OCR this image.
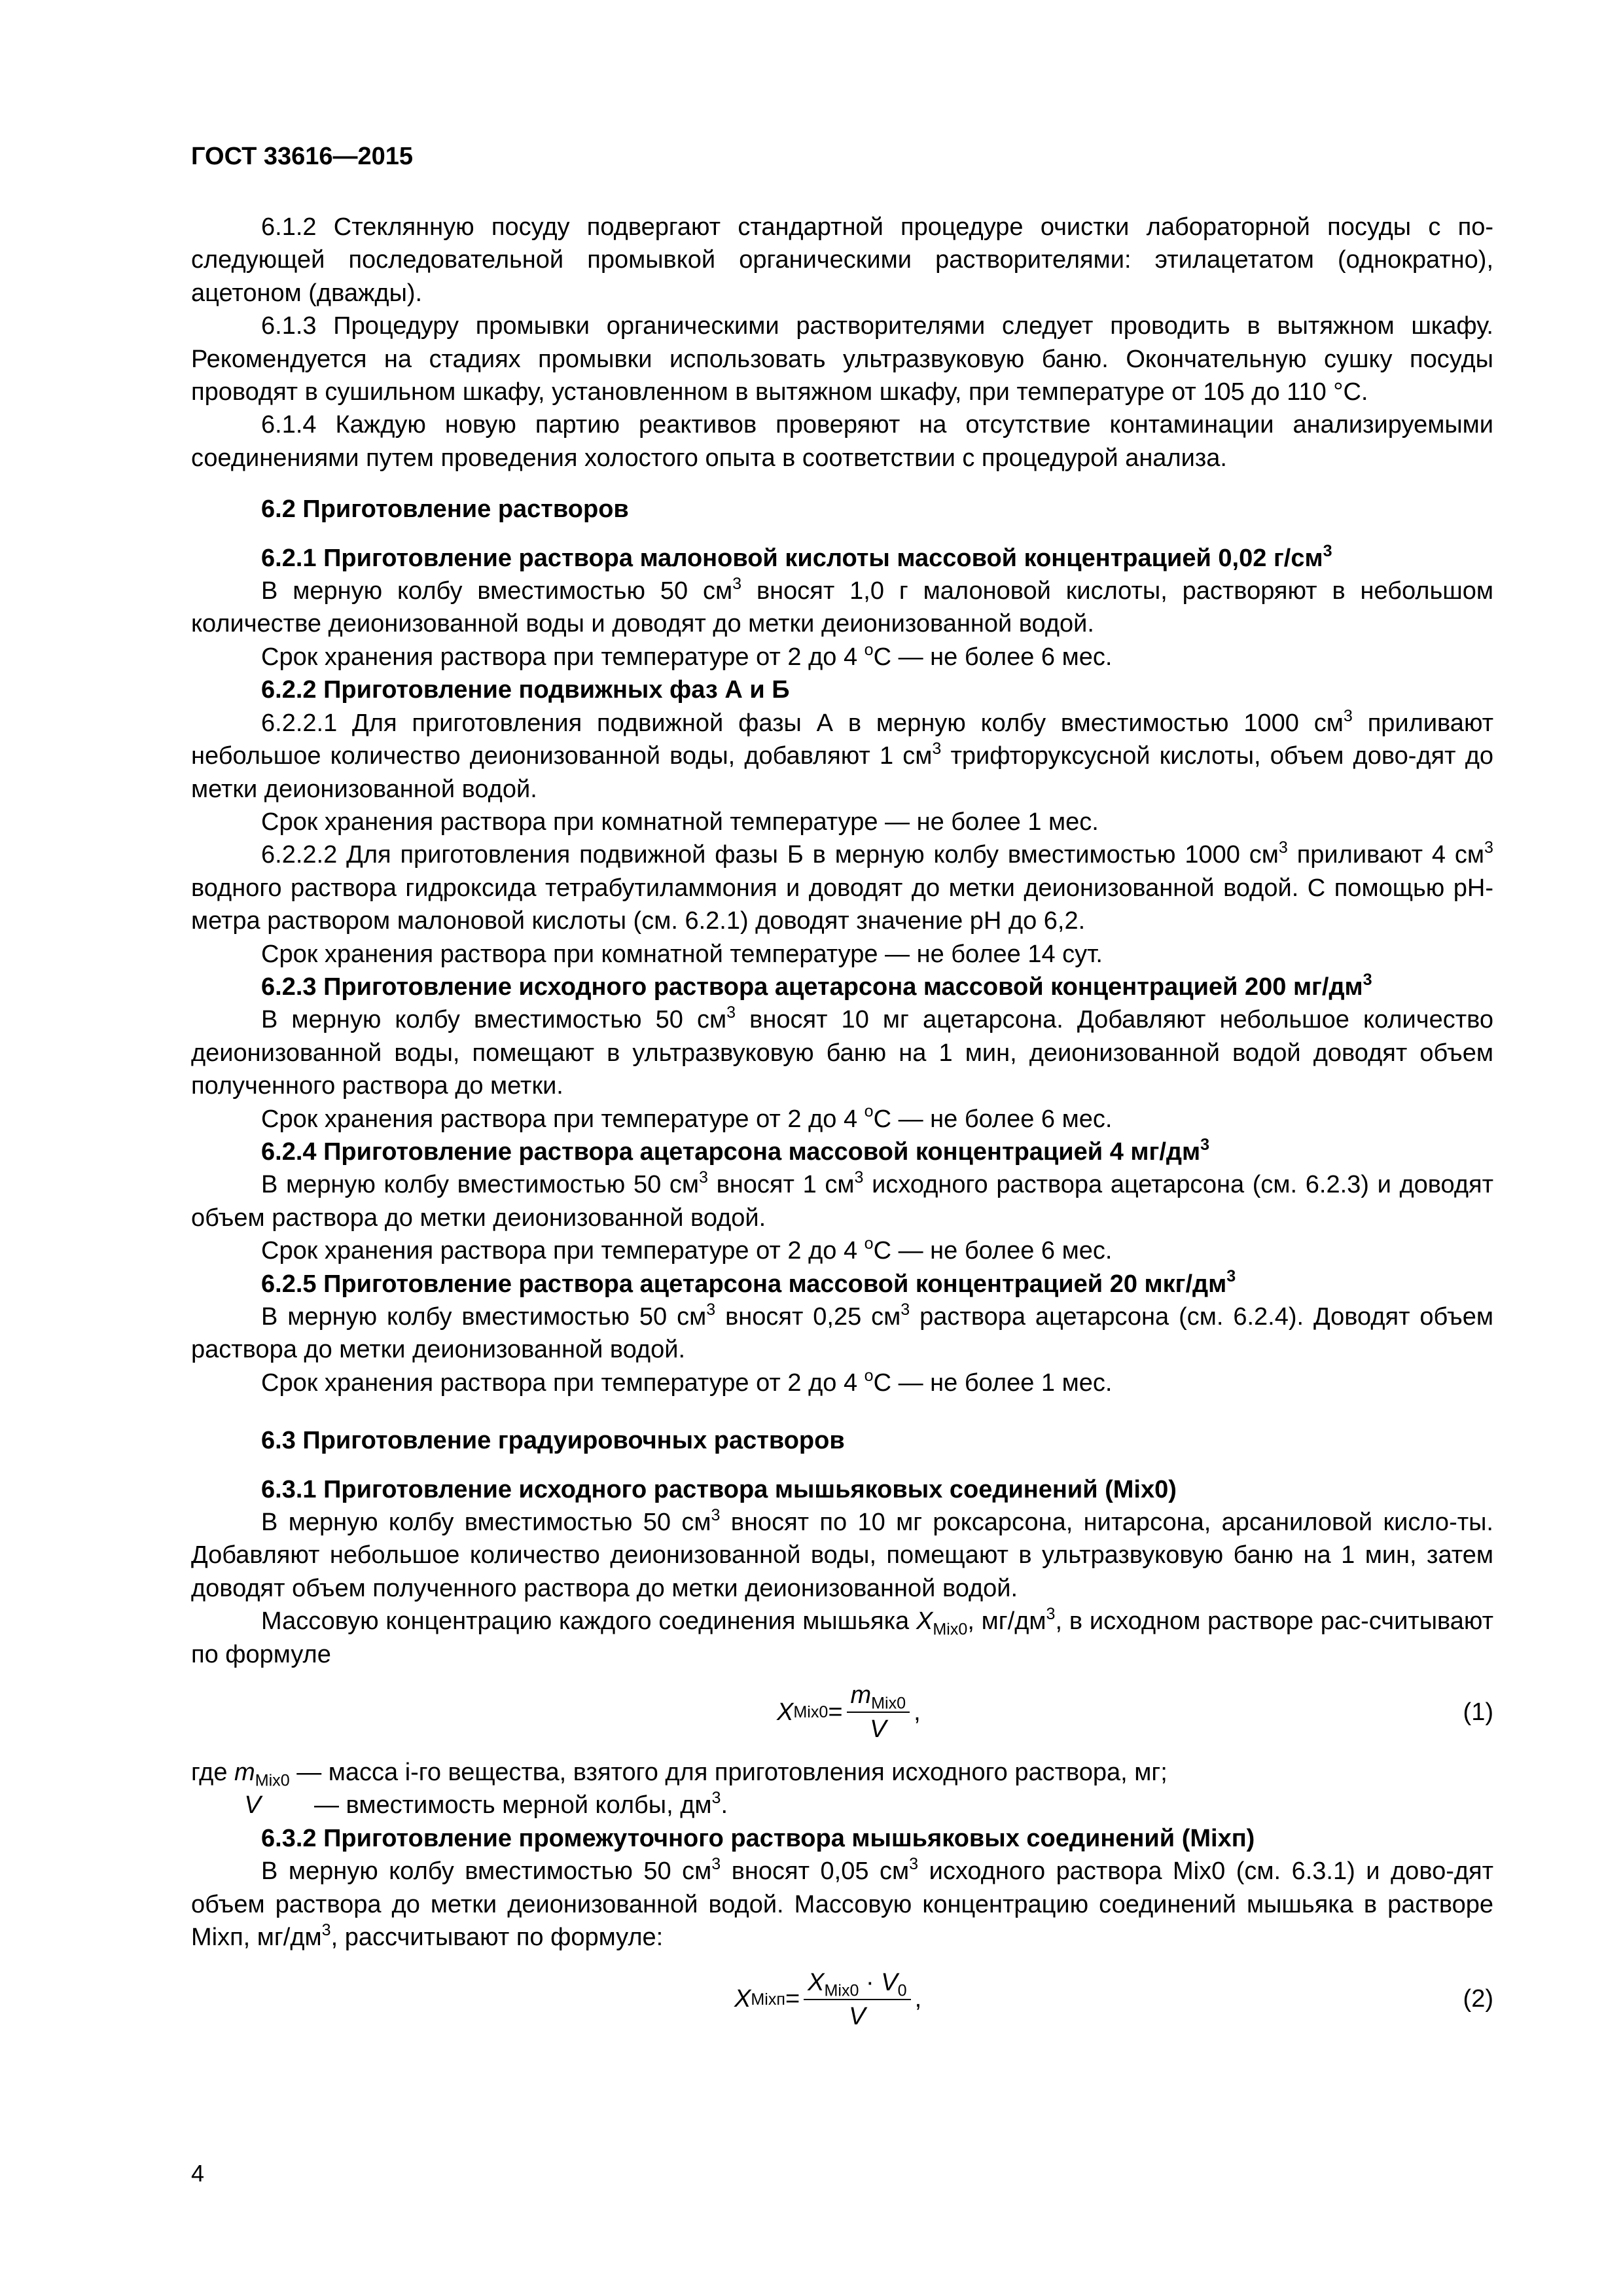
ГОСТ 33616—2015

6.1.2 Стеклянную посуду подвергают стандартной процедуре очистки лабораторной посуды с по-следующей последовательной промывкой органическими растворителями: этилацетатом (однократно), ацетоном (дважды).

6.1.3 Процедуру промывки органическими растворителями следует проводить в вытяжном шкафу. Рекомендуется на стадиях промывки использовать ультразвуковую баню. Окончательную сушку посуды проводят в сушильном шкафу, установленном в вытяжном шкафу, при температуре от 105 до 110 °С.

6.1.4 Каждую новую партию реактивов проверяют на отсутствие контаминации анализируемыми соединениями путем проведения холостого опыта в соответствии с процедурой анализа.

6.2 Приготовление растворов

6.2.1 Приготовление раствора малоновой кислоты массовой концентрацией 0,02 $г/см^3$

В мерную колбу вместимостью 50 $см^3$ вносят 1,0 г малоновой кислоты, растворяют в небольшом количестве деионизованной воды и доводят до метки деионизованной водой.

Срок хранения раствора при температуре от 2 до 4 $^о$С — не более 6 мес.

6.2.2 Приготовление подвижных фаз А и Б

6.2.2.1 Для приготовления подвижной фазы А в мерную колбу вместимостью 1000 $см^3$ приливают небольшое количество деионизованной воды, добавляют 1 $см^3$ трифторуксусной кислоты, объем дово-дят до метки деионизованной водой.

Срок хранения раствора при комнатной температуре — не более 1 мес.

6.2.2.2 Для приготовления подвижной фазы Б в мерную колбу вместимостью 1000 $см^3$ приливают 4 $см^3$ водного раствора гидроксида тетрабутиламмония и доводят до метки деионизованной водой. С помощью рН-метра раствором малоновой кислоты (см. 6.2.1) доводят значение рН до 6,2.

Срок хранения раствора при комнатной температуре — не более 14 сут.

6.2.3 Приготовление исходного раствора ацетарсона массовой концентрацией 200 $мг/дм^3$

В мерную колбу вместимостью 50 $см^3$ вносят 10 мг ацетарсона. Добавляют небольшое количество деионизованной воды, помещают в ультразвуковую баню на 1 мин, деионизованной водой доводят объем полученного раствора до метки.

Срок хранения раствора при температуре от 2 до 4 $^о$С — не более 6 мес.

6.2.4 Приготовление раствора ацетарсона массовой концентрацией 4 $мг/дм^3$

В мерную колбу вместимостью 50 $см^3$ вносят 1 $см^3$ исходного раствора ацетарсона (см. 6.2.3) и доводят объем раствора до метки деионизованной водой.

Срок хранения раствора при температуре от 2 до 4 $^о$С — не более 6 мес.

6.2.5 Приготовление раствора ацетарсона массовой концентрацией 20 мкг/$дм^3$

В мерную колбу вместимостью 50 $см^3$ вносят 0,25 $см^3$ раствора ацетарсона (см. 6.2.4). Доводят объем раствора до метки деионизованной водой.

Срок хранения раствора при температуре от 2 до 4 $^о$С — не более 1 мес.

6.3 Приготовление градуировочных растворов

6.3.1 Приготовление исходного раствора мышьяковых соединений (Mix0)

В мерную колбу вместимостью 50 $см^3$ вносят по 10 мг роксарсона, нитарсона, арсаниловой кисло-ты. Добавляют небольшое количество деионизованной воды, помещают в ультразвуковую баню на 1 мин, затем доводят объем полученного раствора до метки деионизованной водой.

Массовую концентрацию каждого соединения мышьяка $X_{Mix0}$, $мг/дм^3$, в исходном растворе рас-считывают по формуле

X $Mix0 = \frac{m_{Mix0}}{V}$ ,	(1)

где $m_{Mix0}$ — масса i-го вещества, взятого для приготовления исходного раствора, мг;

V	— вместимость мерной колбы, $дм^3$.

6.3.2 Приготовление промежуточного раствора мышьяковых соединений (Mixп)

В мерную колбу вместимостью 50 $см^3$ вносят 0,05 $см^3$ исходного раствора Mix0 (см. 6.3.1) и дово-дят объем раствора до метки деионизованной водой. Массовую концентрацию соединений мышьяка в растворе Mixп, $мг/дм^3$, рассчитывают по формуле:

X Mixп = $\frac{X_{Mix0} \cdot V_0}{V}$ ,	(2)
4
